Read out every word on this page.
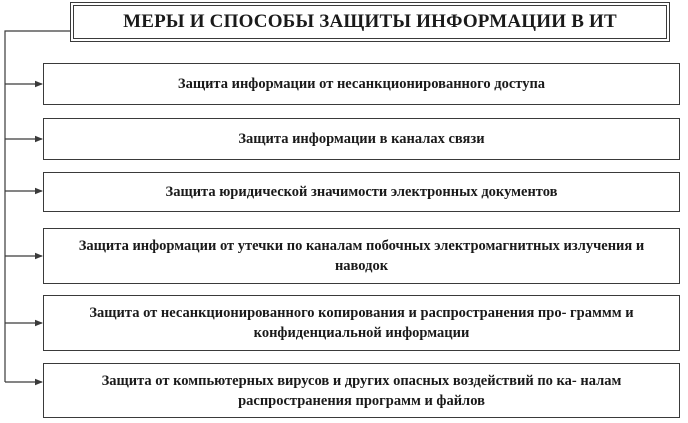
МЕРЫ И СПОСОБЫ ЗАЩИТЫ ИНФОРМАЦИИ В ИТ
Защита информации от несанкционированного доступа
Защита информации в каналах связи
Защита юридической значимости электронных документов
Защита информации от утечки по каналам побочных электромагнитных излучения и наводок
Защита от несанкционированного копирования и распространения про- граммм и конфиденциальной информации
Защита от компьютерных вирусов и других опасных воздействий по ка- налам распространения программ и файлов
